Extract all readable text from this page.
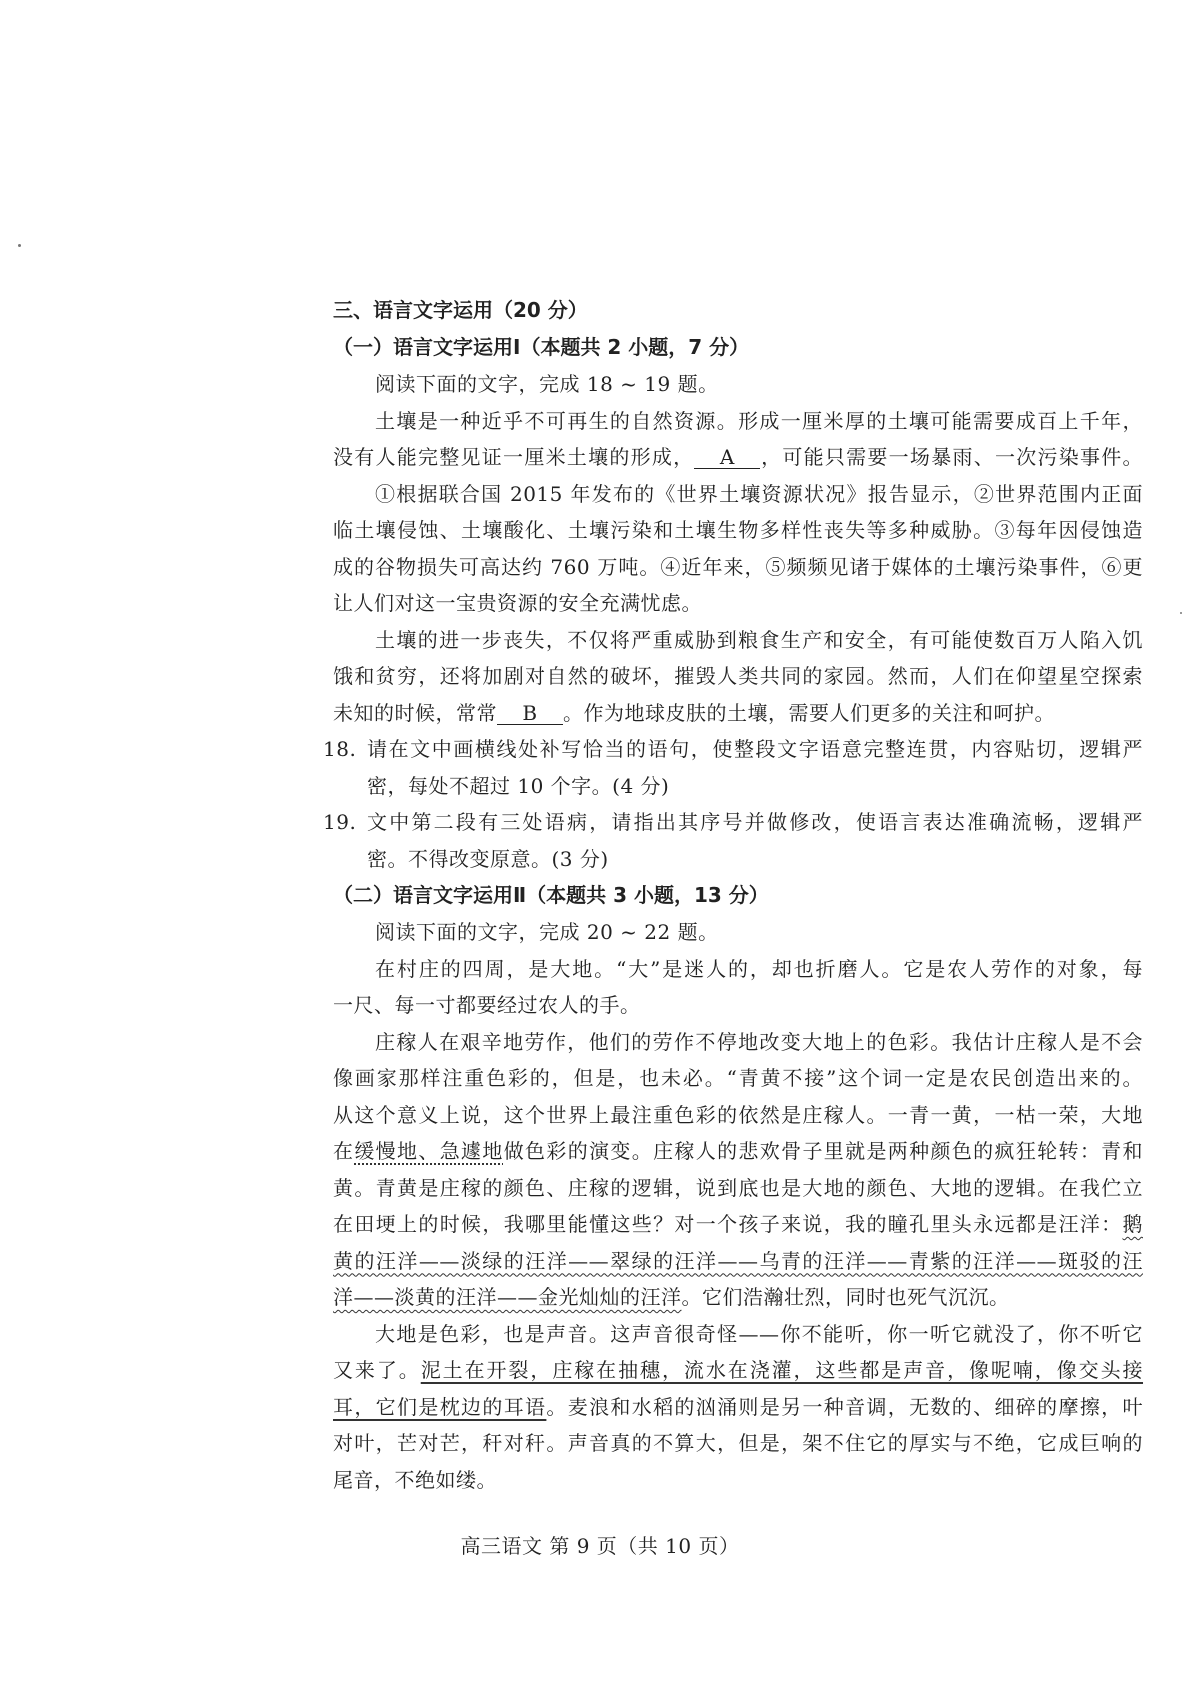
三、语言文字运用（20 分）
（一）语言文字运用Ⅰ（本题共 2 小题，7 分）
阅读下面的文字，完成 18 ~ 19 题。
土壤是一种近乎不可再生的自然资源。形成一厘米厚的土壤可能需要成百上千年，
没有人能完整见证一厘米土壤的形成， A ，可能只需要一场暴雨、一次污染事件。
①根据联合国 2015 年发布的《世界土壤资源状况》报告显示，②世界范围内正面
临土壤侵蚀、土壤酸化、土壤污染和土壤生物多样性丧失等多种威胁。③每年因侵蚀造
成的谷物损失可高达约 760 万吨。④近年来，⑤频频见诸于媒体的土壤污染事件，⑥更
让人们对这一宝贵资源的安全充满忧虑。
土壤的进一步丧失，不仅将严重威胁到粮食生产和安全，有可能使数百万人陷入饥
饿和贫穷，还将加剧对自然的破坏，摧毁人类共同的家园。然而，人们在仰望星空探索
未知的时候，常常 B 。作为地球皮肤的土壤，需要人们更多的关注和呵护。
18. 请在文中画横线处补写恰当的语句，使整段文字语意完整连贯，内容贴切，逻辑严
密，每处不超过 10 个字。(4 分)
19. 文中第二段有三处语病，请指出其序号并做修改，使语言表达准确流畅，逻辑严
密。不得改变原意。(3 分)
（二）语言文字运用Ⅱ（本题共 3 小题，13 分）
阅读下面的文字，完成 20 ~ 22 题。
在村庄的四周，是大地。“大”是迷人的，却也折磨人。它是农人劳作的对象，每
一尺、每一寸都要经过农人的手。
庄稼人在艰辛地劳作，他们的劳作不停地改变大地上的色彩。我估计庄稼人是不会
像画家那样注重色彩的，但是，也未必。“青黄不接”这个词一定是农民创造出来的。
从这个意义上说，这个世界上最注重色彩的依然是庄稼人。一青一黄，一枯一荣，大地
在缓慢地、急遽地做色彩的演变。庄稼人的悲欢骨子里就是两种颜色的疯狂轮转：青和
黄。青黄是庄稼的颜色、庄稼的逻辑，说到底也是大地的颜色、大地的逻辑。在我伫立
在田埂上的时候，我哪里能懂这些？对一个孩子来说，我的瞳孔里头永远都是汪洋：鹅
黄的汪洋——淡绿的汪洋——翠绿的汪洋——乌青的汪洋——青紫的汪洋——斑驳的汪
洋——淡黄的汪洋——金光灿灿的汪洋。它们浩瀚壮烈，同时也死气沉沉。
大地是色彩，也是声音。这声音很奇怪——你不能听，你一听它就没了，你不听它
又来了。泥土在开裂，庄稼在抽穗，流水在浇灌，这些都是声音，像呢喃，像交头接
耳，它们是枕边的耳语。麦浪和水稻的汹涌则是另一种音调，无数的、细碎的摩擦，叶
对叶，芒对芒，秆对秆。声音真的不算大，但是，架不住它的厚实与不绝，它成巨响的
尾音，不绝如缕。
高三语文 第 9 页（共 10 页）
